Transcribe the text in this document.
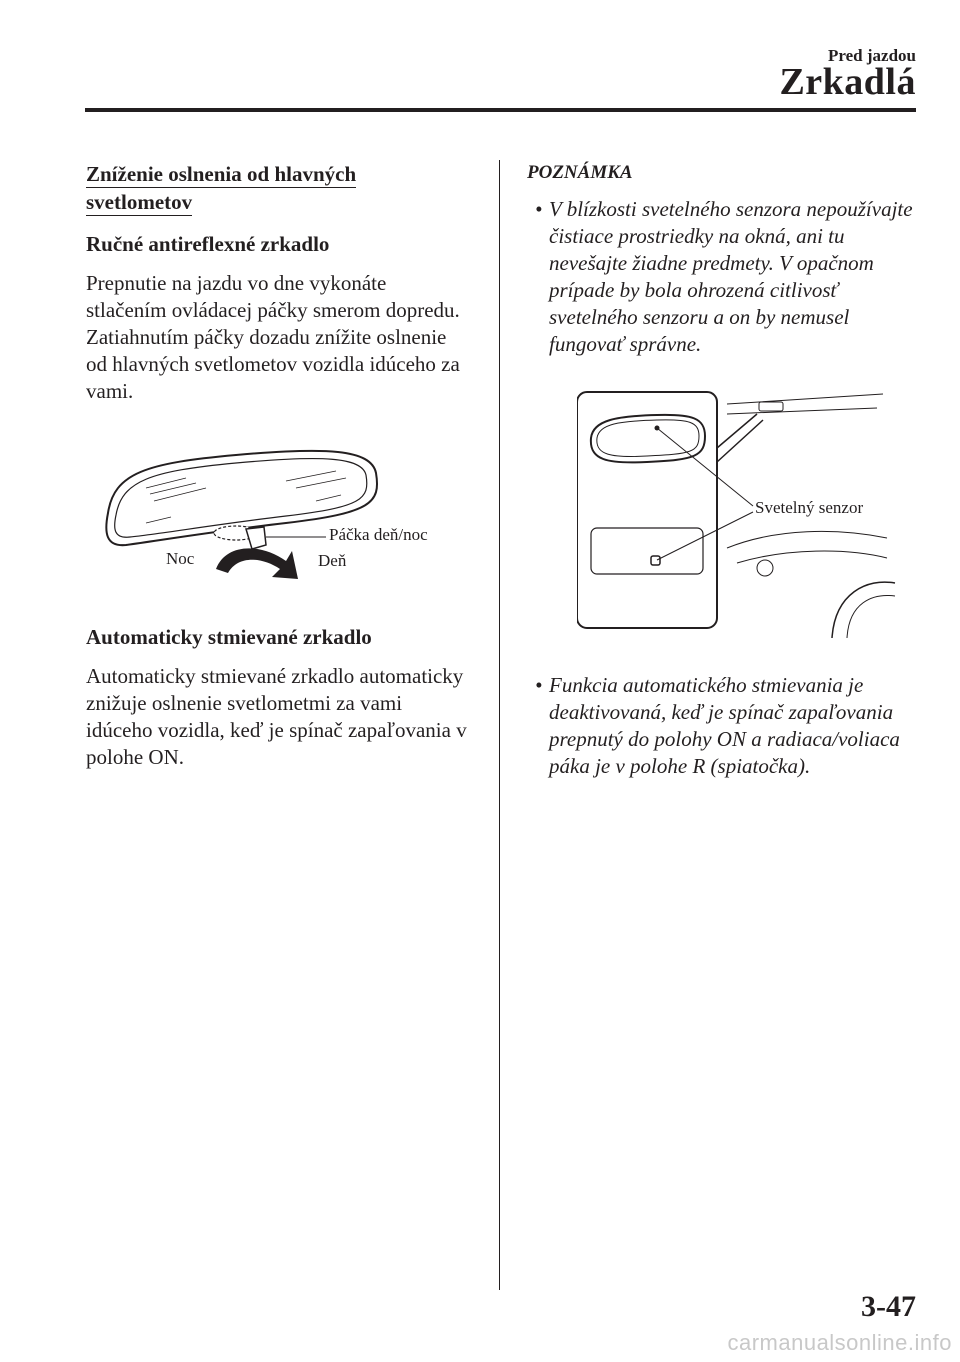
Pred jazdou
Zrkadlá

Zníženie oslnenia od hlavných
svetlometov

Ručné antireflexné zrkadlo

Prepnutie na jazdu vo dne vykonáte stlačením ovládacej páčky smerom dopredu. Zatiahnutím páčky dozadu znížite oslnenie od hlavných svetlometov vozidla idúceho za vami.

Páčka deň/noc
Noc	Deň

Automaticky stmievané zrkadlo

Automaticky stmievané zrkadlo automaticky znižuje oslnenie svetlometmi za vami idúceho vozidla, keď je spínač zapaľovania v polohe ON.

POZNÁMKA

• V blízkosti svetelného senzora nepoužívajte čistiace prostriedky na okná, ani tu nevešajte žiadne predmety. V opačnom prípade by bola ohrozená citlivosť svetelného senzoru a on by nemusel fungovať správne.
Svetelný senzor
• Funkcia automatického stmievania je deaktivovaná, keď je spínač zapaľovania prepnutý do polohy ON a radiaca/voliaca páka je v polohe R (spiatočka).
3-47
carmanualsonline.info
